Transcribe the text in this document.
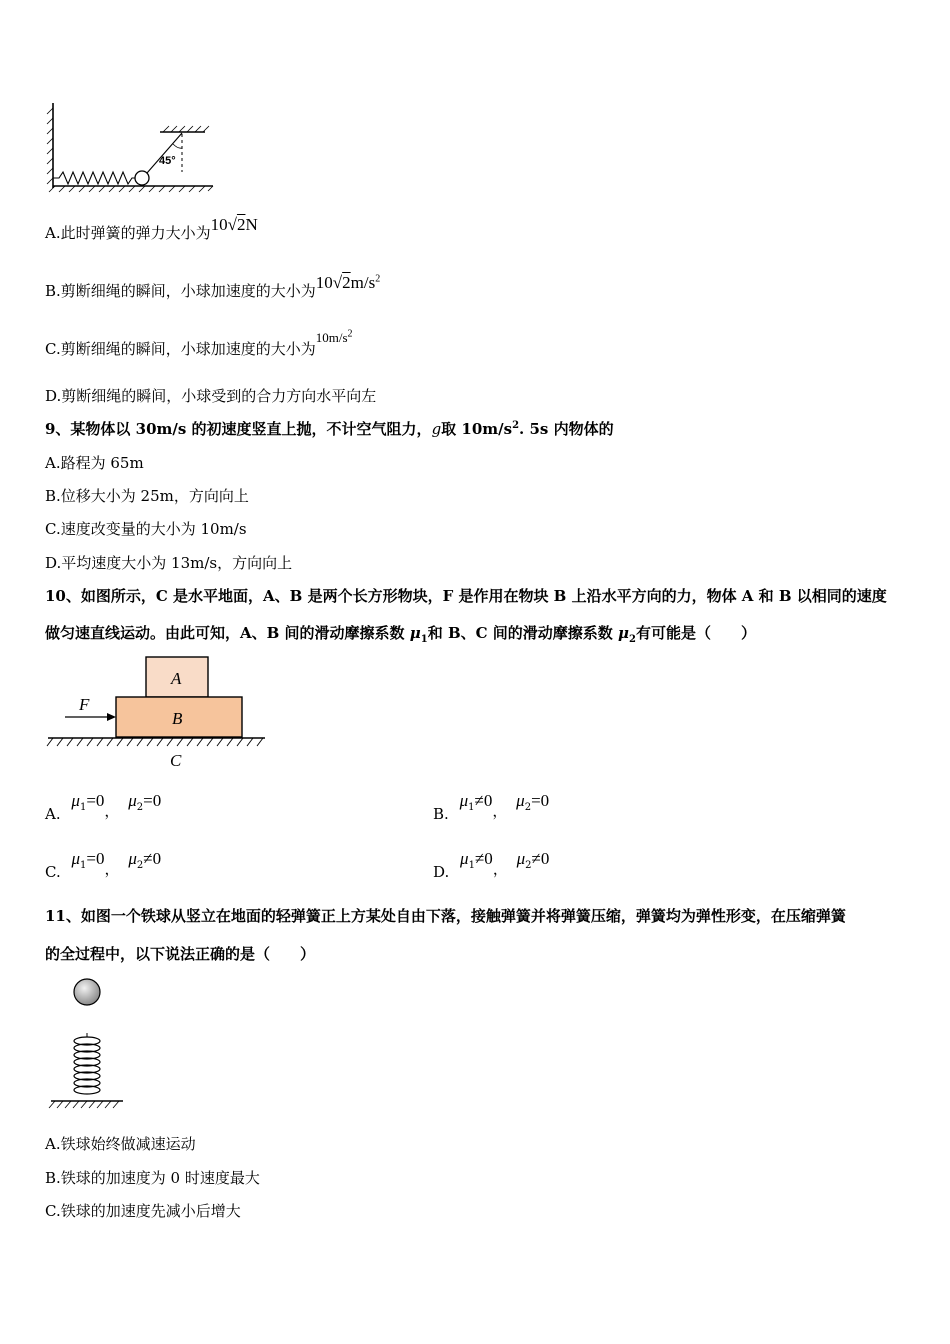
45°
A.此时弹簧的弹力大小为10√2N
B.剪断细绳的瞬间，小球加速度的大小为$10√2m/s^2$
C.剪断细绳的瞬间，小球加速度的大小为$10m/s^2$
D.剪断细绳的瞬间，小球受到的合力方向水平向左
9、某物体以 30m/s 的初速度竖直上抛，不计空气阻力，g取 $10m/s^2$. 5s 内物体的
A.路程为 65m
B.位移大小为 25m，方向向上
C.速度改变量的大小为 10m/s
D.平均速度大小为 13m/s，方向向上
10、如图所示，C 是水平地面，A、B 是两个长方形物块，F 是作用在物块 B 上沿水平方向的力，物体 A 和 B 以相同的速度
做匀速直线运动。由此可知，A、B 间的滑动摩擦系数 $\mu_1$和 B、C 间的滑动摩擦系数 $\mu_2$有可能是（　　）
A
B
F
C
A. $\mu_1=0$， $\mu_2=0$
B. $\mu_1\ne 0$， $\mu_2=0$
C. $\mu_1=0$， $\mu_2\ne 0$
D. $\mu_1\ne 0$， $\mu_2\ne 0$
11、如图一个铁球从竖立在地面的轻弹簧正上方某处自由下落，接触弹簧并将弹簧压缩，弹簧均为弹性形变，在压缩弹簧
的全过程中，以下说法正确的是（　　）
A.铁球始终做减速运动
B.铁球的加速度为 0 时速度最大
C.铁球的加速度先减小后增大
